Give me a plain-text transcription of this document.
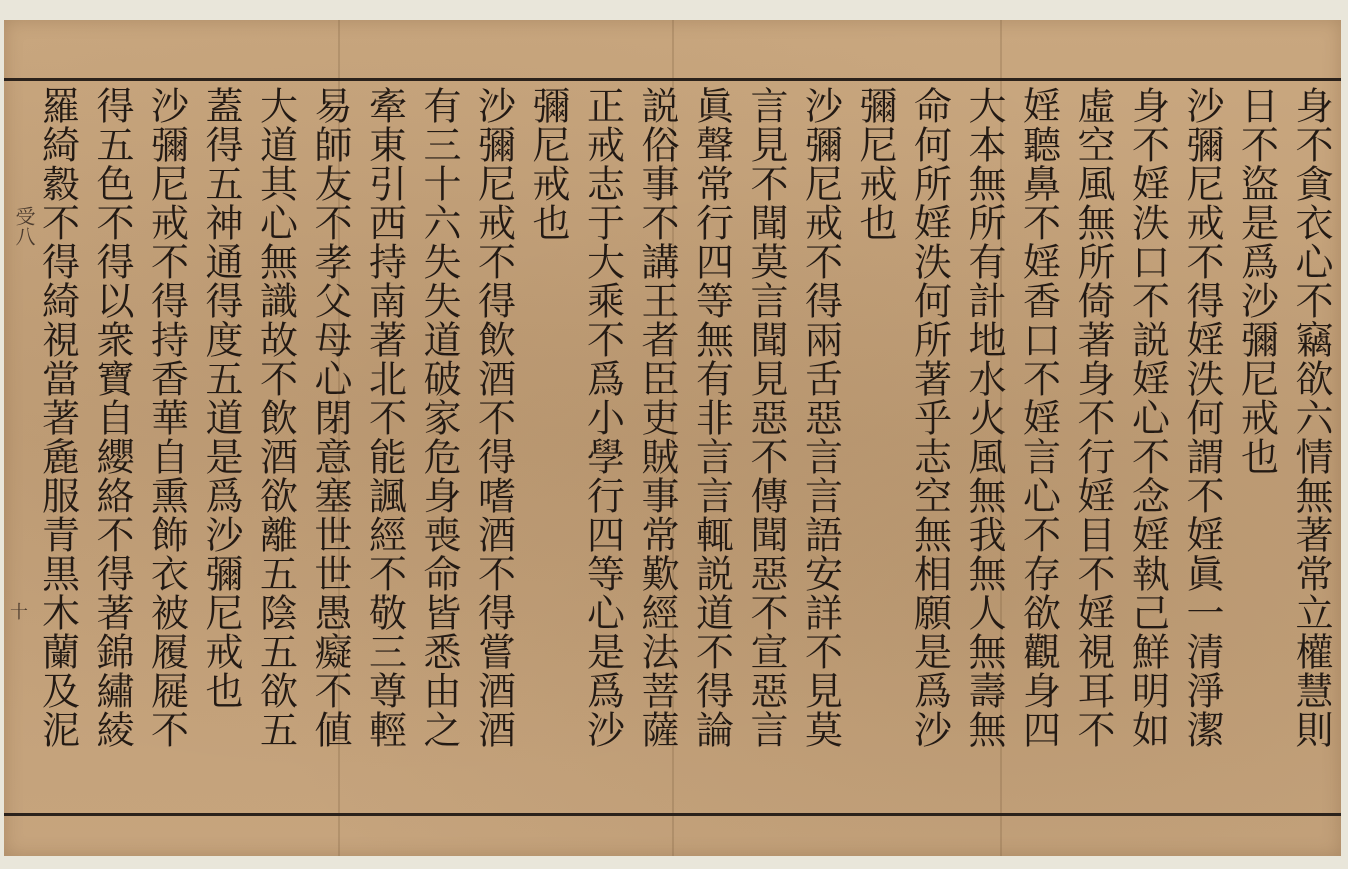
受八
十	身不貪衣心不竊欲六情無著常立權慧則
日不盜是爲沙彌尼戒也
沙彌尼戒不得婬泆何謂不婬眞一清淨潔
身不婬泆口不説婬心不念婬執己鮮明如
虛空風無所倚著身不行婬目不婬視耳不
婬聽鼻不婬香口不婬言心不存欲觀身四
大本無所有計地水火風無我無人無壽無
命何所婬泆何所著乎志空無相願是爲沙
彌尼戒也
沙彌尼戒不得兩舌惡言言語安詳不見莫
言見不聞莫言聞見惡不傳聞惡不宣惡言
眞聲常行四等無有非言言輒説道不得論
説俗事不講王者臣吏賊事常歎經法菩薩
正戒志于大乘不爲小學行四等心是爲沙
彌尼戒也
沙彌尼戒不得飲酒不得嗜酒不得嘗酒酒
有三十六失失道破家危身喪命皆悉由之
牽東引西持南著北不能諷經不敬三尊輕
易師友不孝父母心閉意塞世世愚癡不値
大道其心無識故不飲酒欲離五陰五欲五
蓋得五神通得度五道是爲沙彌尼戒也
沙彌尼戒不得持香華自熏飾衣被履屣不
得五色不得以衆寶自纓絡不得著錦繡綾
羅綺縠不得綺視當著麁服青黒木蘭及泥
